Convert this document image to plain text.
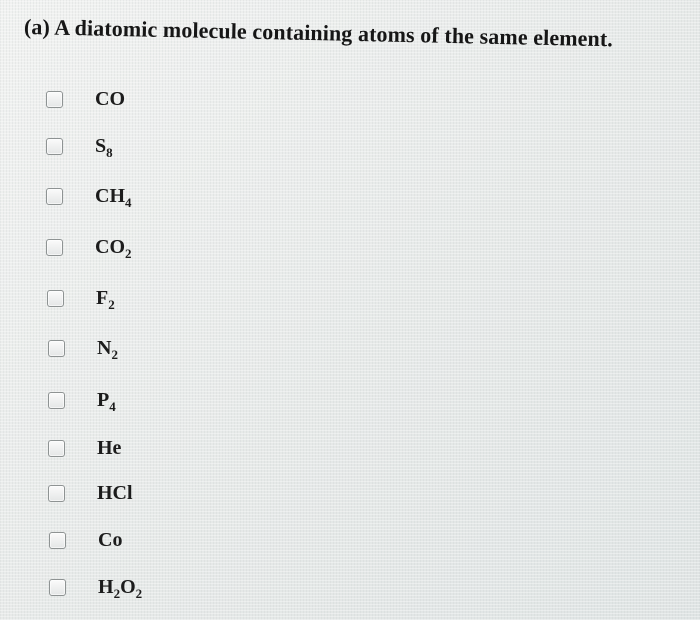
(a) A diatomic molecule containing atoms of the same element.
CO
$S_8$
$CH_4$
$CO_2$
$F_2$
$N_2$
$P_4$
He
HCl
Co
$H_2O_2$
